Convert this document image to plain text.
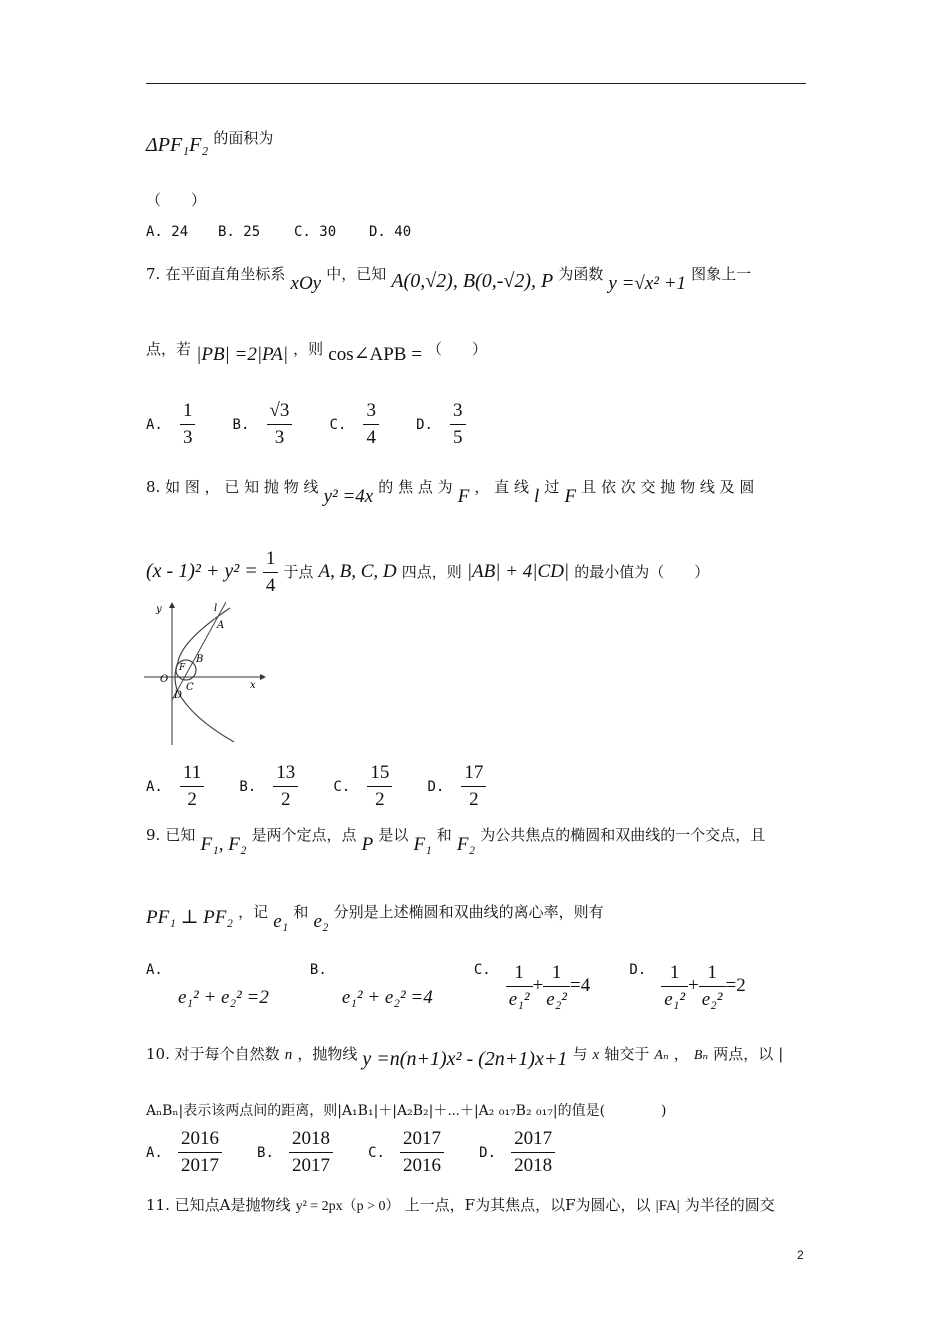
ΔPF₁F₂ 的面积为
（　　）
A. 24 B. 25 C. 30 D. 40
7. 在平面直角坐标系 xOy 中，已知 A(0,√2), B(0,-√2), P 为函数 y =√x² +1 图象上一
点，若 |PB| =2|PA| ，则 cos∠APB = （　　）
A. $\frac{1}{3}$	B. $\frac{√3}{3}$	C. $\frac{3}{4}$	D. $\frac{3}{5}$
8. 如 图 ， 已 知 抛 物 线 y² =4x 的 焦 点 为 F ， 直 线 l 过 F 且 依 次 交 抛 物 线 及 圆
$(x - 1)^2 + y^2 = \frac{1}{4}$ 于点 A, B, C, D 四点，则 |AB| + 4|CD| 的最小值为（　　）
y	l
A
B
F
O
C
D
x
A. $\frac{11}{2}$	B. $\frac{13}{2}$	C. $\frac{15}{2}$	D. $\frac{17}{2}$
9. 已知 F₁, F₂ 是两个定点，点 P 是以 F₁ 和 F₂ 为公共焦点的椭圆和双曲线的一个交点，且
PF₁ ⊥ PF₂ ，记 e₁ 和 e₂ 分别是上述椭圆和双曲线的离心率，则有
A. e₁² + e₂² =2 B. e₁² + e₂² =4 C. $\frac{1}{\text{e₁²}} + \frac{1}{\text{e₂²}} =4$ D. $\frac{1}{\text{e₁²}} + \frac{1}{\text{e₂²}} =2$
10. 对于每个自然数 n ，抛物线 y =n(n+1)x² - (2n+1)x+1 与 x 轴交于 Aₙ ， Bₙ 两点，以 |
AₙBₙ|表示该两点间的距离，则|A₁B₁|＋|A₂B₂|＋⋯＋|A₂ ₀₁₇B₂ ₀₁₇|的值是(　　　　)
A. $\frac{2016}{2017}$	B. $\frac{2018}{2017}$	C. $\frac{2017}{2016}$	D. $\frac{2017}{2018}$
11. 已知点A是抛物线 y² = 2px（p > 0） 上一点，F为其焦点，以F为圆心，以 |FA| 为半径的圆交
2
